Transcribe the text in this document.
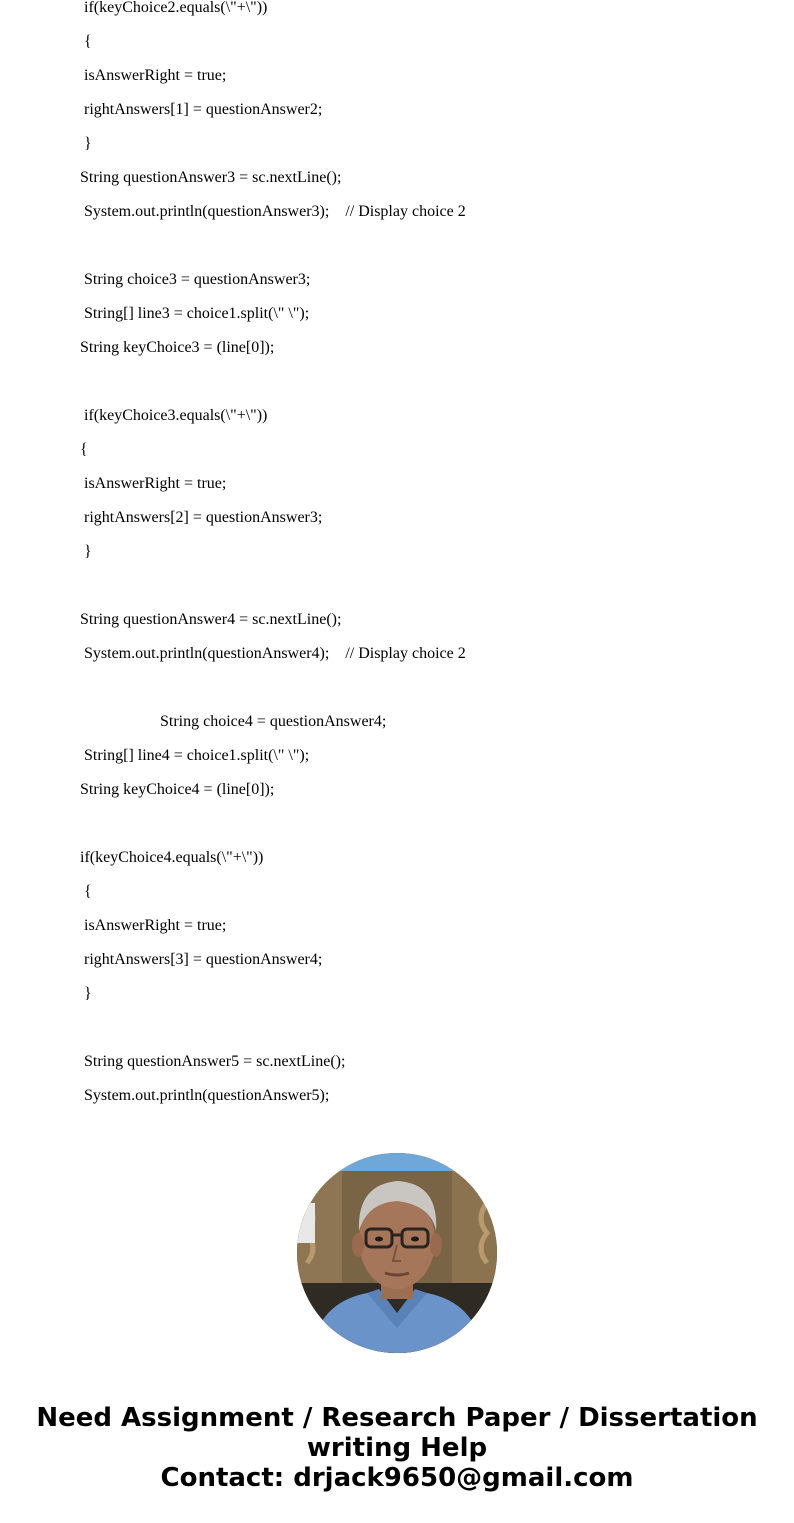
if(keyChoice2.equals(\"+\"))
{
isAnswerRight = true;
rightAnswers[1] = questionAnswer2;
}
String questionAnswer3 = sc.nextLine();
System.out.println(questionAnswer3);    // Display choice 2
String choice3 = questionAnswer3;
String[] line3 = choice1.split(\" \");
String keyChoice3 = (line[0]);
if(keyChoice3.equals(\"+\"))
{
isAnswerRight = true;
rightAnswers[2] = questionAnswer3;
}
String questionAnswer4 = sc.nextLine();
System.out.println(questionAnswer4);    // Display choice 2
String choice4 = questionAnswer4;
String[] line4 = choice1.split(\" \");
String keyChoice4 = (line[0]);
if(keyChoice4.equals(\"+\"))
{
isAnswerRight = true;
rightAnswers[3] = questionAnswer4;
}
String questionAnswer5 = sc.nextLine();
System.out.println(questionAnswer5);
Need Assignment / Research Paper / Dissertation
writing Help
Contact: drjack9650@gmail.com
